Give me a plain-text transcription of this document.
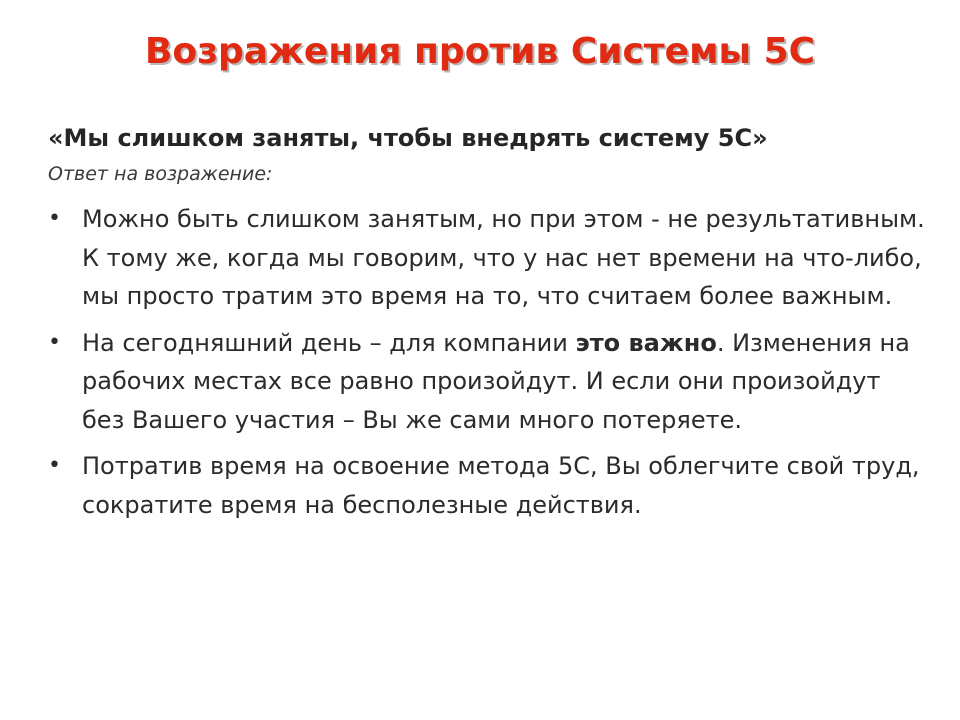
Возражения против Системы 5С
«Мы слишком заняты, чтобы внедрять систему 5С»
Ответ на возражение:
• Можно быть слишком занятым, но при этом - не результативным. К тому же, когда мы говорим, что у нас нет времени на что-либо, мы просто тратим это время на то, что считаем более важным.
• На сегодняшний день – для компании это важно. Изменения на рабочих местах все равно произойдут. И если они произойдут без Вашего участия – Вы же сами много потеряете.
• Потратив время на освоение метода 5С, Вы облегчите свой труд, сократите время на бесполезные действия.
